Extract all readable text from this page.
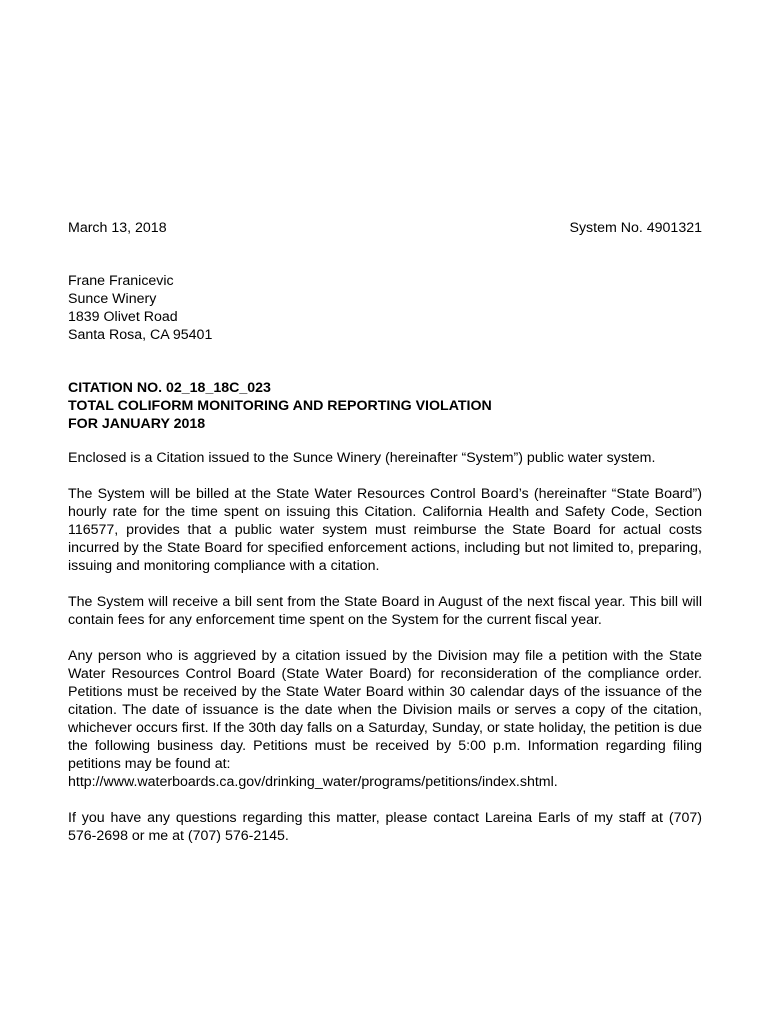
March 13, 2018	System No. 4901321
Frane Franicevic
Sunce Winery
1839 Olivet Road
Santa Rosa, CA 95401
CITATION NO. 02_18_18C_023
TOTAL COLIFORM MONITORING AND REPORTING VIOLATION
FOR JANUARY 2018

Enclosed is a Citation issued to the Sunce Winery (hereinafter “System”) public water system.

The System will be billed at the State Water Resources Control Board’s (hereinafter “State Board”) hourly rate for the time spent on issuing this Citation. California Health and Safety Code, Section 116577, provides that a public water system must reimburse the State Board for actual costs incurred by the State Board for specified enforcement actions, including but not limited to, preparing, issuing and monitoring compliance with a citation.

The System will receive a bill sent from the State Board in August of the next fiscal year. This bill will contain fees for any enforcement time spent on the System for the current fiscal year.

Any person who is aggrieved by a citation issued by the Division may file a petition with the State Water Resources Control Board (State Water Board) for reconsideration of the compliance order. Petitions must be received by the State Water Board within 30 calendar days of the issuance of the citation. The date of issuance is the date when the Division mails or serves a copy of the citation, whichever occurs first. If the 30th day falls on a Saturday, Sunday, or state holiday, the petition is due the following business day. Petitions must be received by 5:00 p.m. Information regarding filing petitions may be found at:

http://www.waterboards.ca.gov/drinking_water/programs/petitions/index.shtml.

If you have any questions regarding this matter, please contact Lareina Earls of my staff at (707) 576-2698 or me at (707) 576-2145.
